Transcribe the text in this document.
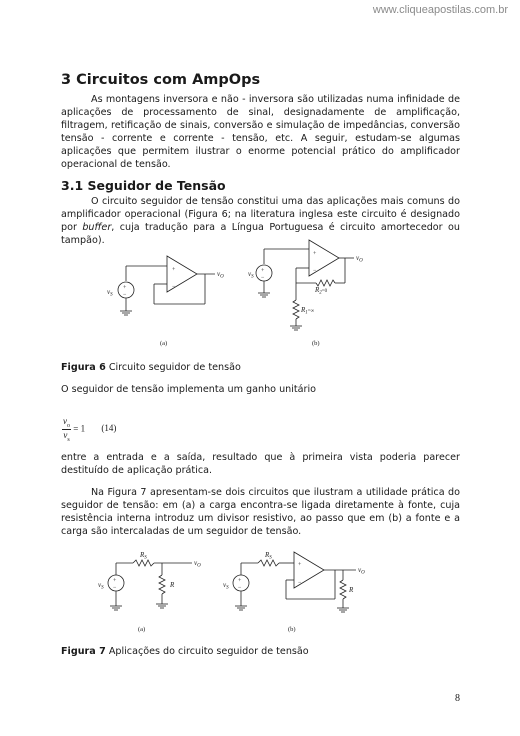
www.cliqueapostilas.com.br
3 Circuitos com AmpOps
As montagens inversora e não - inversora são utilizadas numa infinidade de aplicações de processamento de sinal, designadamente de amplificação, filtragem, retificação de sinais, conversão e simulação de impedâncias, conversão tensão - corrente e corrente - tensão, etc. A seguir, estudam-se algumas aplicações que permitem ilustrar o enorme potencial prático do amplificador operacional de tensão.
3.1 Seguidor de Tensão
O circuito seguidor de tensão constitui uma das aplicações mais comuns do amplificador operacional (Figura 6; na literatura inglesa este circuito é designado por buffer, cuja tradução para a Língua Portuguesa é circuito amortecedor ou tampão).
+
−
+
−
+
−
+
−
$v_S$
$v_O$	$v_S$
$v_O$
$R_2^{=0}$
$R_1^{=\infty}$
(a)	(b)
+
−
+
−
+
−
$R_S$
$v_S$	R
$v_O$
$R_S$
$v_S$	R
$v_O$
(a)	(b)
Figura 6 Circuito seguidor de tensão
O seguidor de tensão implementa um ganho unitário
$\frac{v_o}{v_s} = 1$ (14)
entre a entrada e a saída, resultado que à primeira vista poderia parecer destituído de aplicação prática.
Na Figura 7 apresentam-se dois circuitos que ilustram a utilidade prática do seguidor de tensão: em (a) a carga encontra-se ligada diretamente à fonte, cuja resistência interna introduz um divisor resistivo, ao passo que em (b) a fonte e a carga são intercaladas de um seguidor de tensão.
Figura 7 Aplicações do circuito seguidor de tensão
8
